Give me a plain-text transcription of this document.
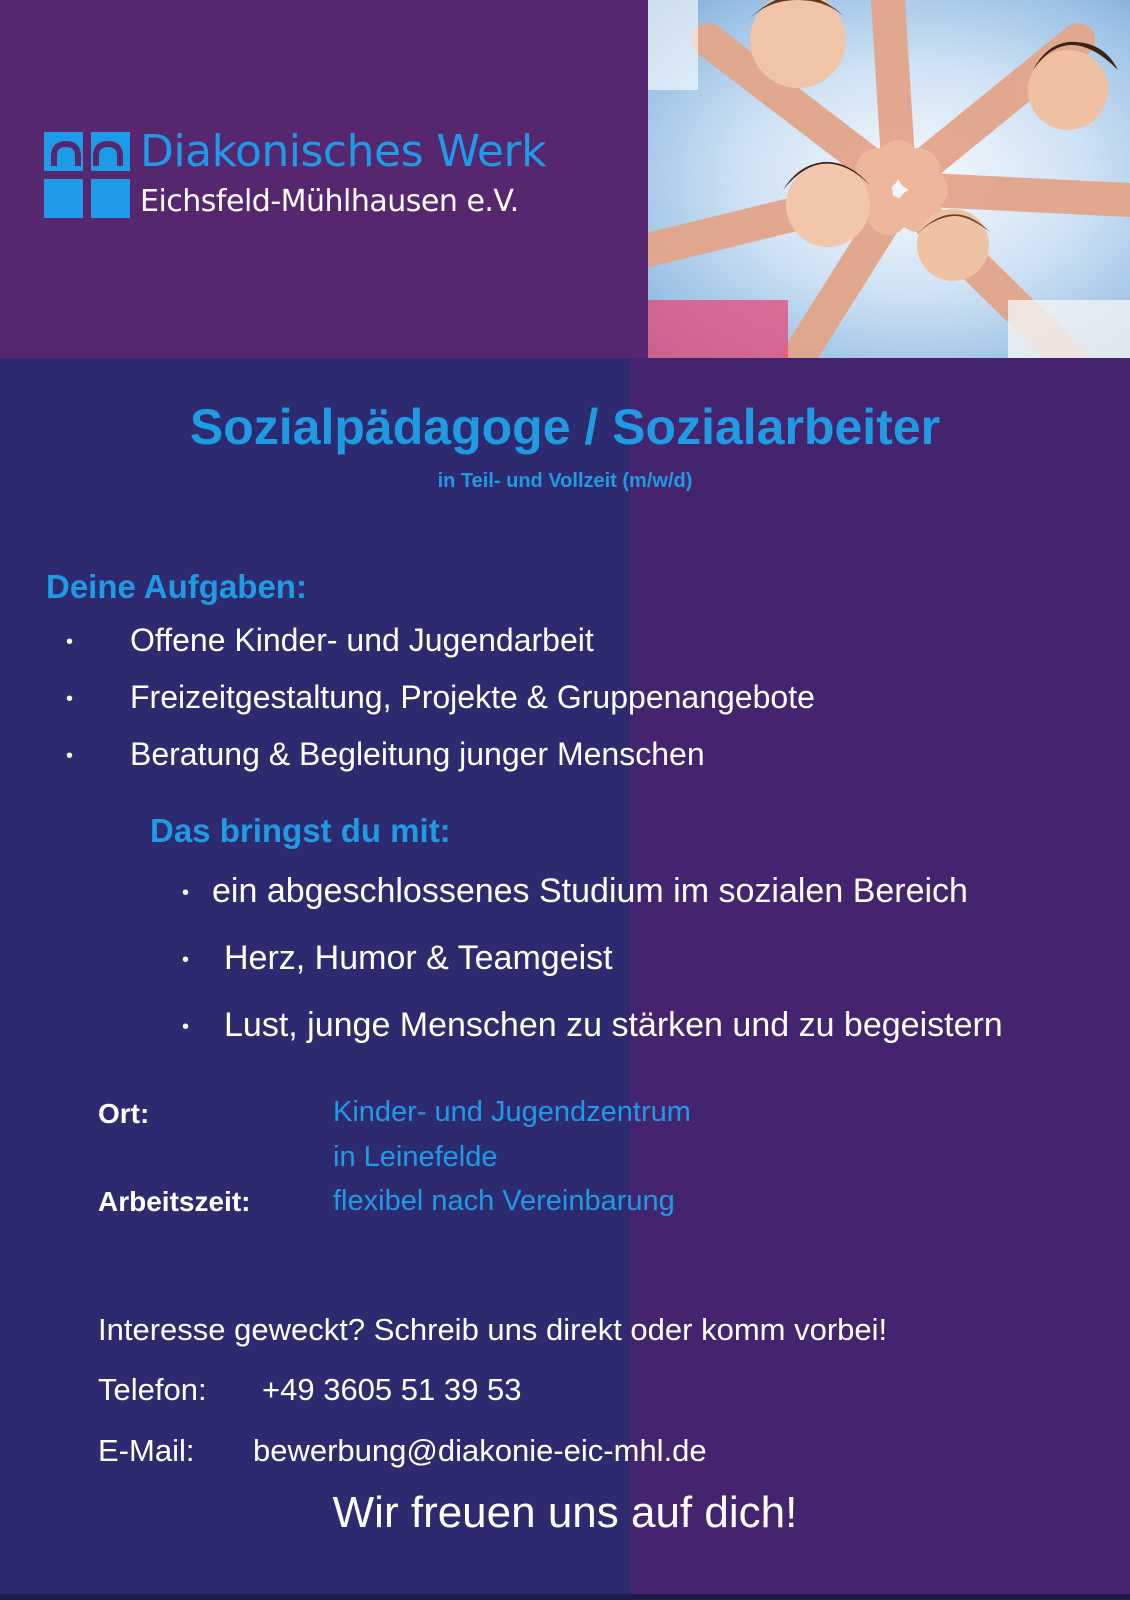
Diakonisches Werk
Eichsfeld-Mühlhausen e.V.
Sozialpädagoge / Sozialarbeiter
in Teil- und Vollzeit (m/w/d)
Deine Aufgaben:
• Offene Kinder- und Jugendarbeit
• Freizeitgestaltung, Projekte & Gruppenangebote
• Beratung & Begleitung junger Menschen
Das bringst du mit:
• ein abgeschlossenes Studium im sozialen Bereich
• Herz, Humor & Teamgeist
• Lust, junge Menschen zu stärken und zu begeistern
Ort:	Kinder- und Jugendzentrum
in Leinefelde
Arbeitszeit:	flexibel nach Vereinbarung
Interesse geweckt? Schreib uns direkt oder komm vorbei!
Telefon: +49 3605 51 39 53
E-Mail: bewerbung@diakonie-eic-mhl.de
Wir freuen uns auf dich!
